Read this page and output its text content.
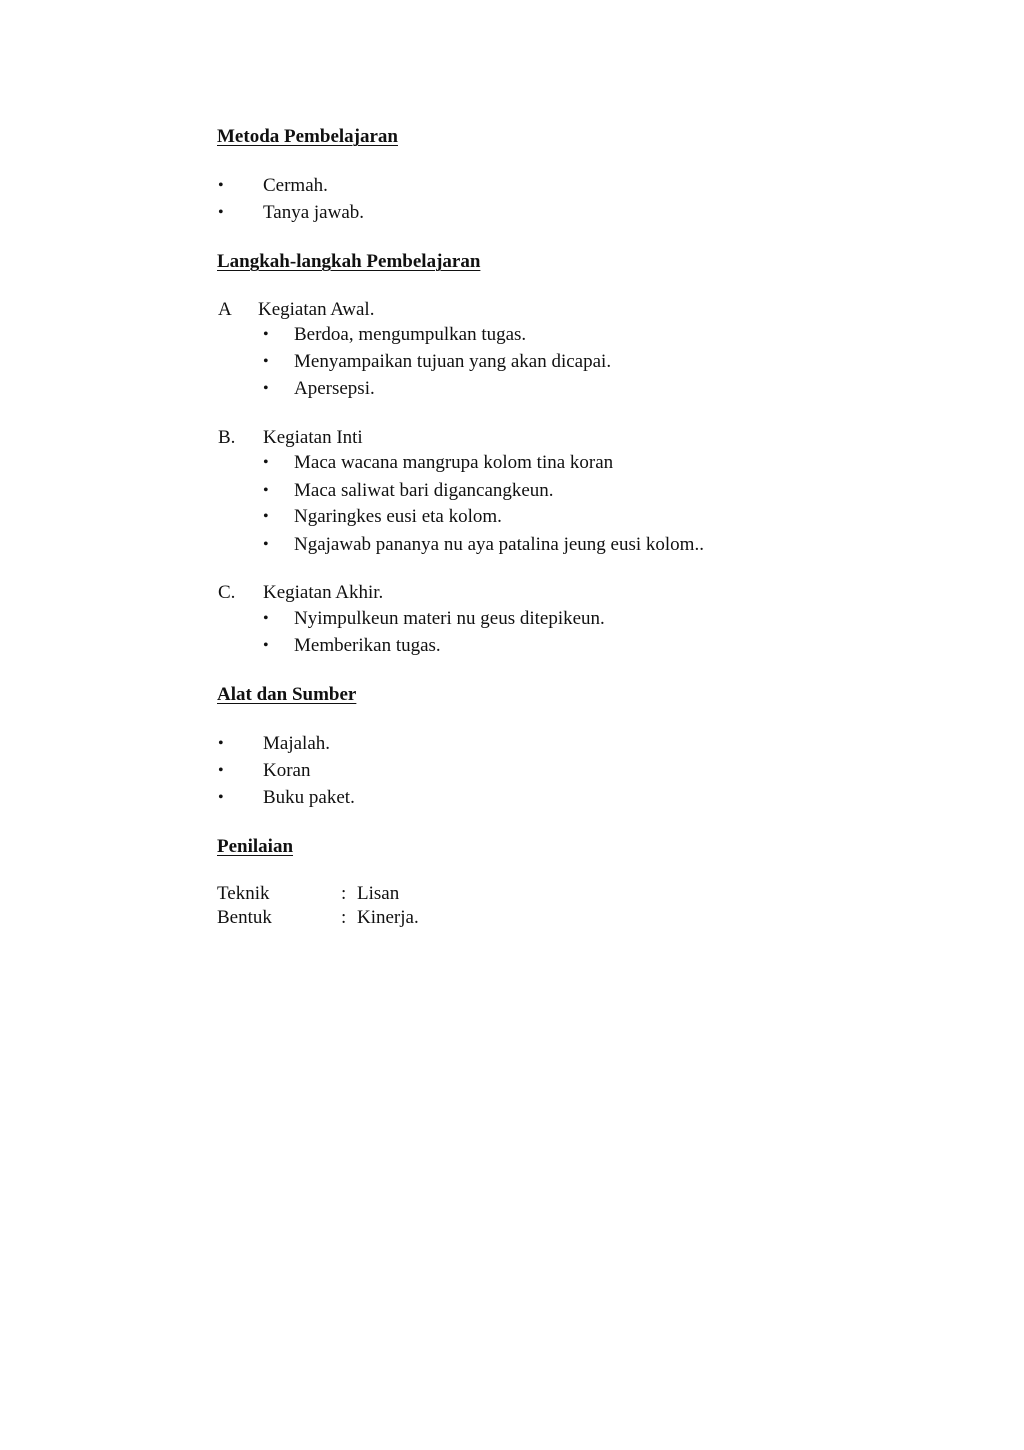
Metoda Pembelajaran
• Cermah.
• Tanya jawab.
Langkah-langkah Pembelajaran
A Kegiatan Awal.
• Berdoa, mengumpulkan tugas.
• Menyampaikan tujuan yang akan dicapai.
• Apersepsi.
B. Kegiatan Inti
• Maca wacana mangrupa kolom tina koran
• Maca saliwat bari digancangkeun.
• Ngaringkes eusi eta kolom.
• Ngajawab pananya nu aya patalina jeung eusi kolom..
C. Kegiatan Akhir.
• Nyimpulkeun materi nu geus ditepikeun.
• Memberikan tugas.
Alat dan Sumber
• Majalah.
• Koran
• Buku paket.
Penilaian
Teknik	: Lisan
Bentuk	: Kinerja.
